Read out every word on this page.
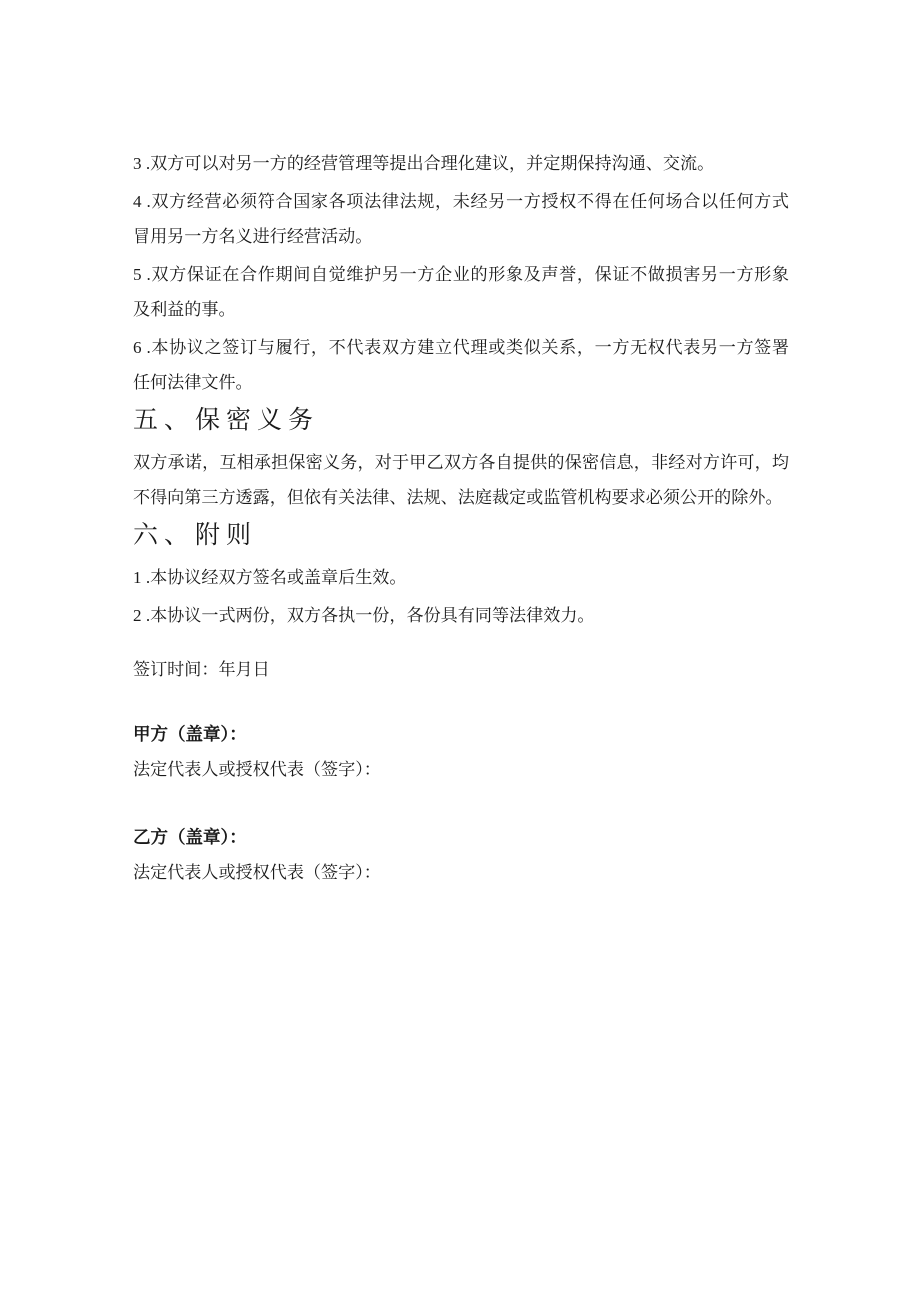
3 .双方可以对另一方的经营管理等提出合理化建议，并定期保持沟通、交流。

4 .双方经营必须符合国家各项法律法规，未经另一方授权不得在任何场合以任何方式

冒用另一方名义进行经营活动。

5 .双方保证在合作期间自觉维护另一方企业的形象及声誉，保证不做损害另一方形象

及利益的事。

6 .本协议之签订与履行，不代表双方建立代理或类似关系，一方无权代表另一方签署

任何法律文件。

五、保密义务

双方承诺，互相承担保密义务，对于甲乙双方各自提供的保密信息，非经对方许可，均

不得向第三方透露，但依有关法律、法规、法庭裁定或监管机构要求必须公开的除外。

六、附则

1 .本协议经双方签名或盖章后生效。

2 .本协议一式两份，双方各执一份，各份具有同等法律效力。

签订时间：年月日

甲方（盖章）：

法定代表人或授权代表（签字）：

乙方（盖章）：

法定代表人或授权代表（签字）：
